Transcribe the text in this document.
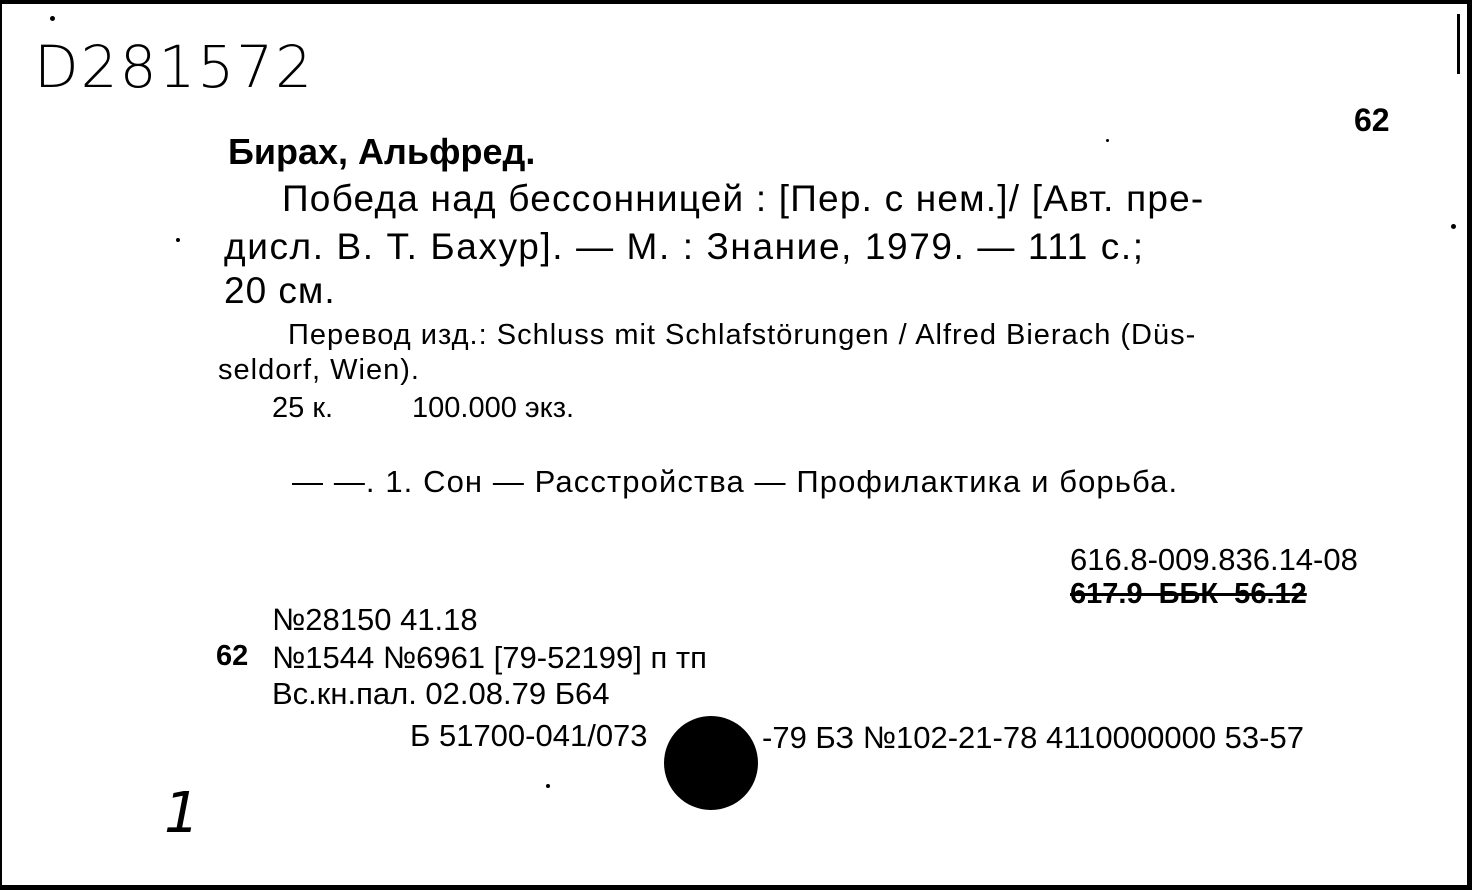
D281572
62
Бирах, Альфред.
Победа над бессонницей : [Пер. с нем.]/ [Авт. пре-
дисл. В. Т. Бахур]. — М. : Знание, 1979. — 111 с.;
20 см.
Перевод изд.: Schluss mit Schlafstörungen / Alfred Bierach (Düs-
seldorf, Wien).
25 к.	100.000 экз.
— —. 1. Сон — Расстройства — Профилактика и борьба.
616.8-009.836.14-08
617.9  ББК  56.12
№28150 41.18
62 №1544 №6961 [79-52199] п тп
Вс.кн.пал. 02.08.79 Б64
Б 51700-041/073	-79 БЗ №102-21-78 4110000000 53-57
1
